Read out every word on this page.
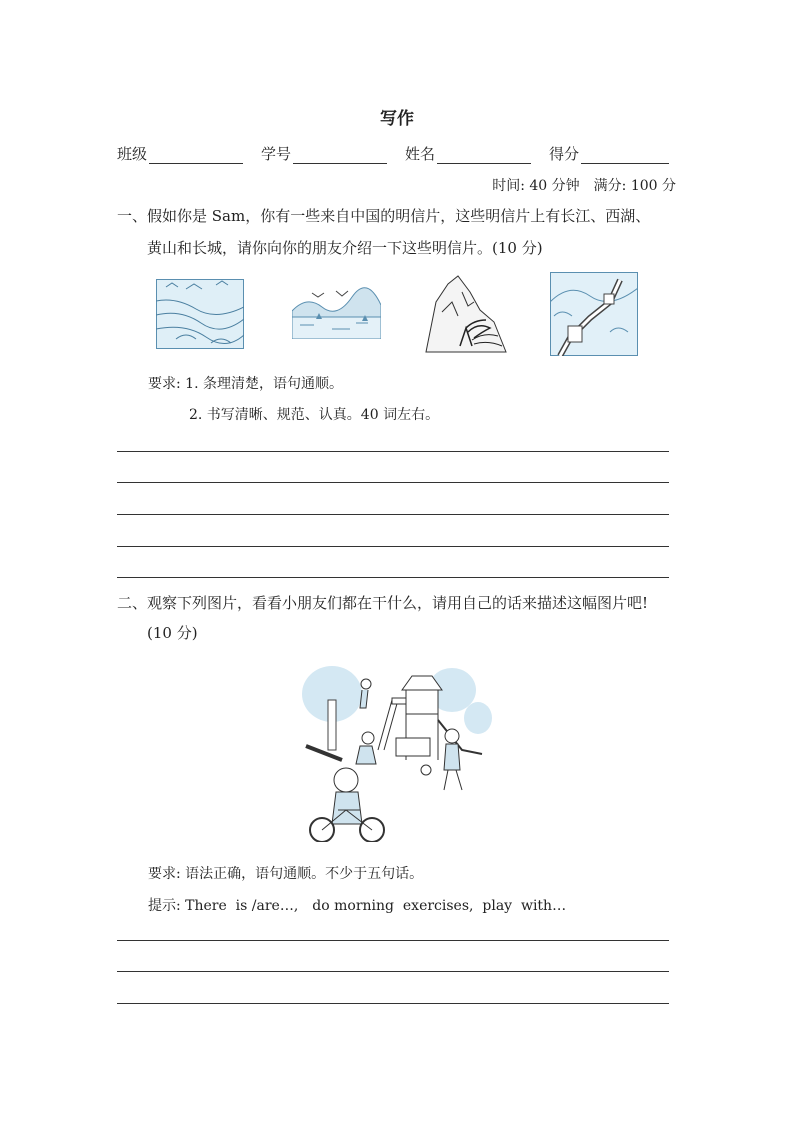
写作
班级	学号	姓名	得分
时间: 40 分钟　满分: 100 分
一、假如你是 Sam，你有一些来自中国的明信片，这些明信片上有长江、西湖、
黄山和长城，请你向你的朋友介绍一下这些明信片。(10 分)
要求: 1. 条理清楚，语句通顺。
2. 书写清晰、规范、认真。40 词左右。
二、观察下列图片，看看小朋友们都在干什么，请用自己的话来描述这幅图片吧!
(10 分)
要求: 语法正确，语句通顺。不少于五句话。
提示: There  is /are…,　do morning  exercises,  play  with…
